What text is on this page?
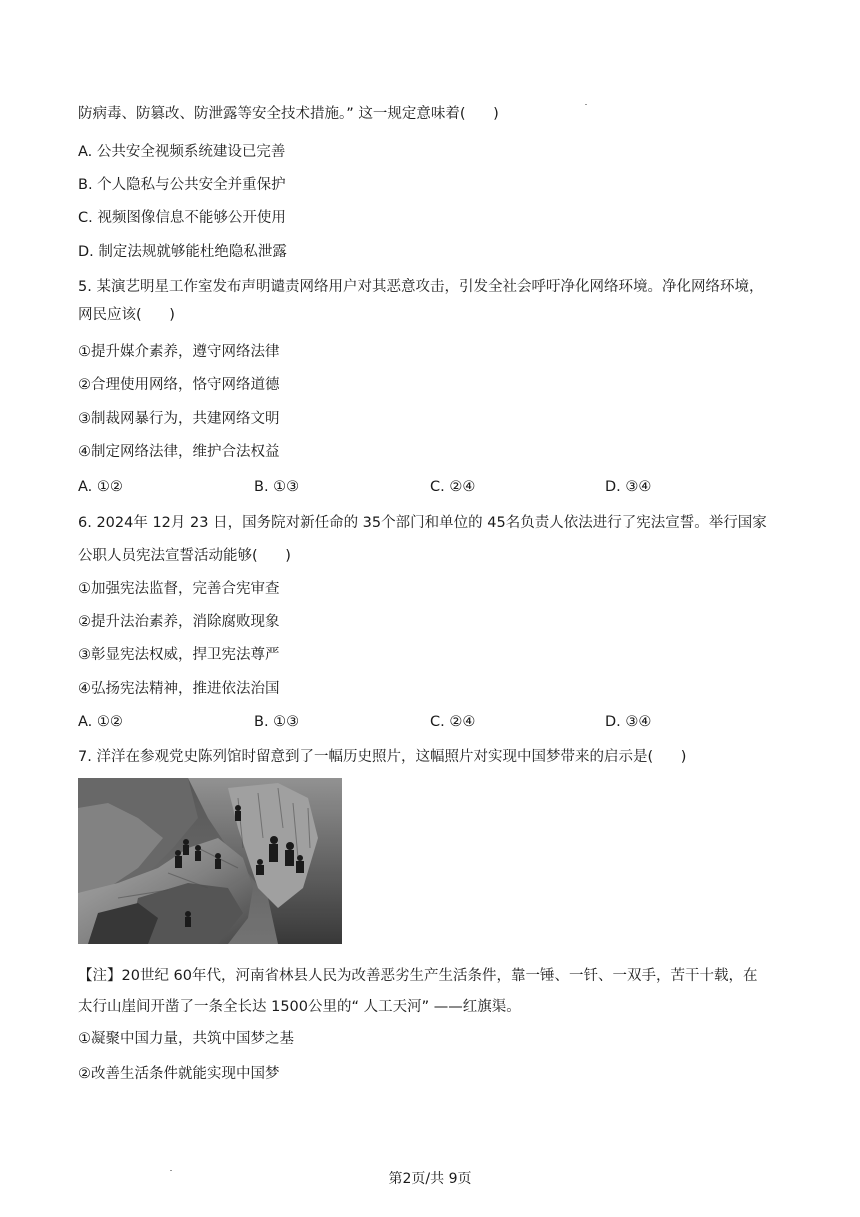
防病毒、防篡改、防泄露等安全技术措施。” 这一规定意味着(      )

A. 公共安全视频系统建设已完善

B. 个人隐私与公共安全并重保护

C. 视频图像信息不能够公开使用

D. 制定法规就够能杜绝隐私泄露

5. 某演艺明星工作室发布声明谴责网络用户对其恶意攻击，引发全社会呼吁净化网络环境。净化网络环境，

网民应该(      )

①提升媒介素养，遵守网络法律

②合理使用网络，恪守网络道德

③制裁网暴行为，共建网络文明

④制定网络法律，维护合法权益

A. ①②	B. ①③	C. ②④	D. ③④

6. 2024年 12月 23 日，国务院对新任命的 35个部门和单位的 45名负责人依法进行了宪法宣誓。举行国家

公职人员宪法宣誓活动能够(      )

①加强宪法监督，完善合宪审查

②提升法治素养，消除腐败现象

③彰显宪法权威，捍卫宪法尊严

④弘扬宪法精神，推进依法治国

A. ①②	B. ①③	C. ②④	D. ③④

7. 洋洋在参观党史陈列馆时留意到了一幅历史照片，这幅照片对实现中国梦带来的启示是(      )

【注】20世纪 60年代，河南省林县人民为改善恶劣生产生活条件，靠一锤、一钎、一双手，苦干十载，在

太行山崖间开凿了一条全长达 1500公里的“ 人工天河” ——红旗渠。

①凝聚中国力量，共筑中国梦之基

②改善生活条件就能实现中国梦

第2页/共 9页
